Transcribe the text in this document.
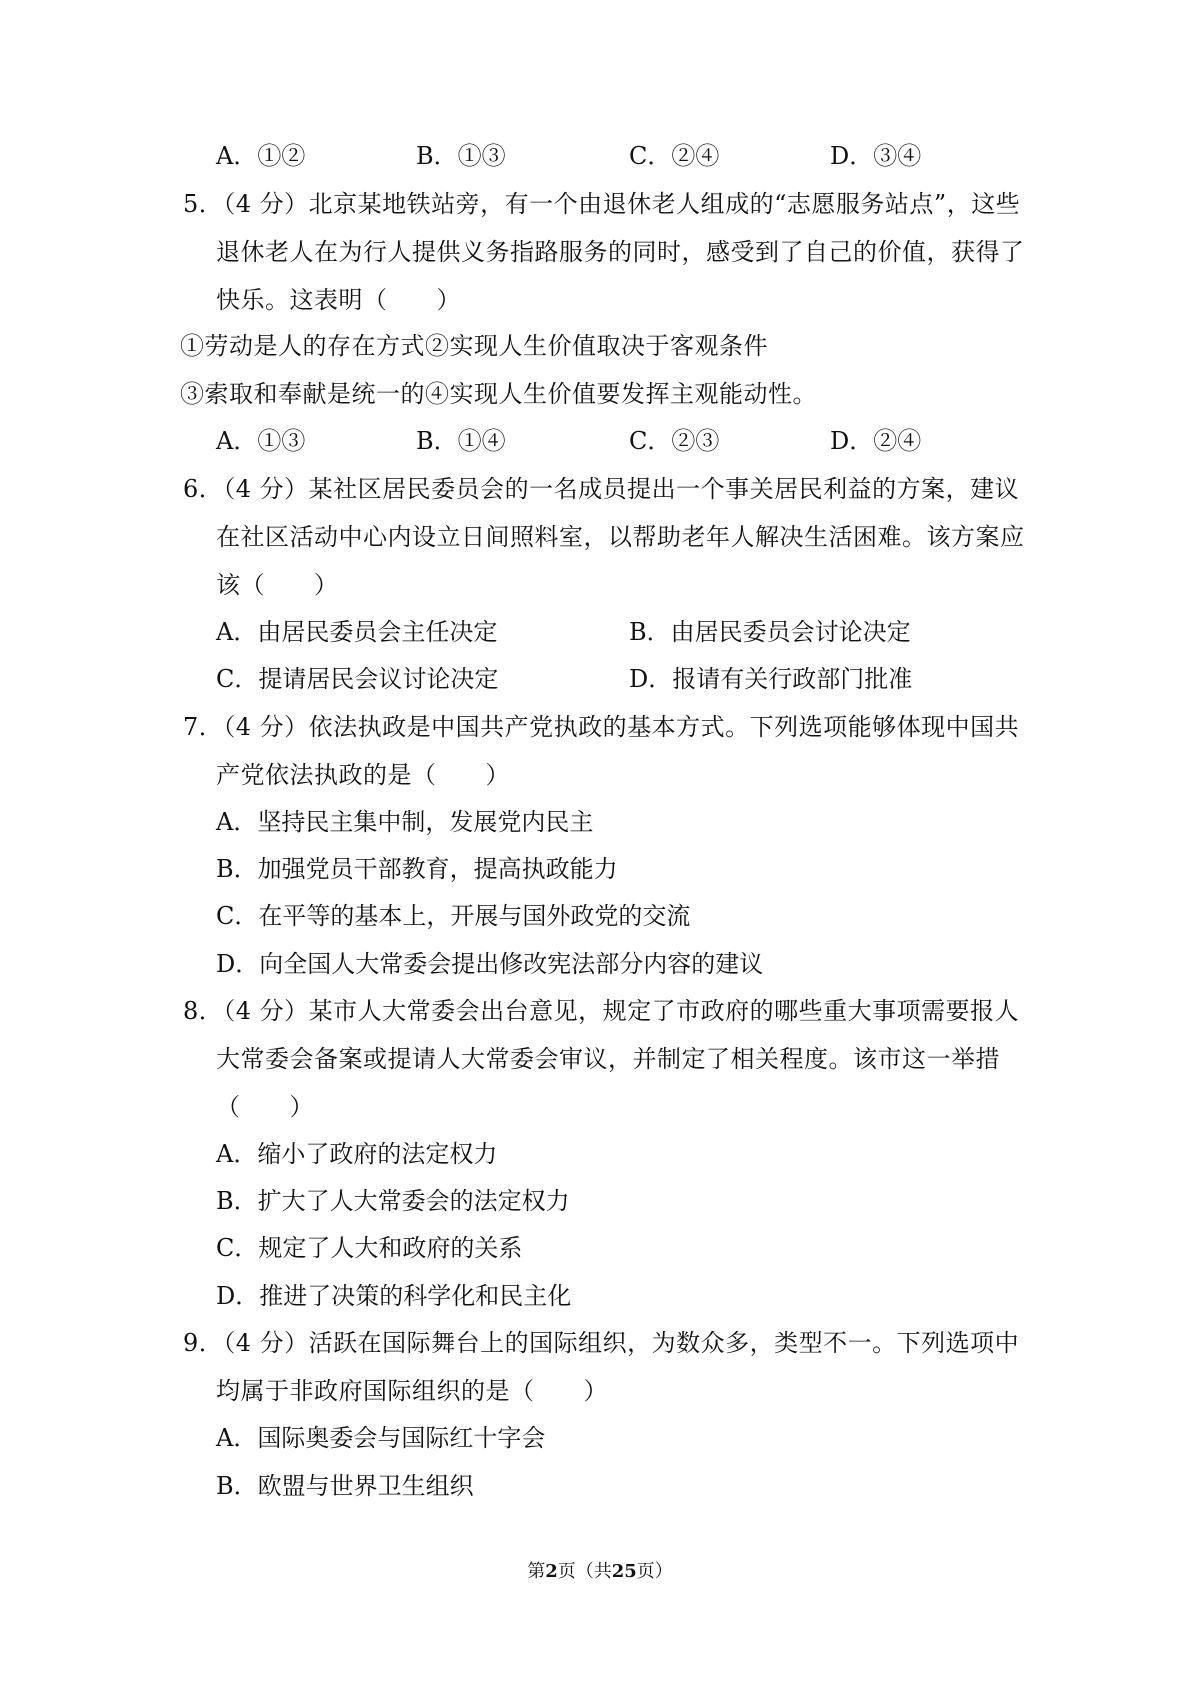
A．①②	B．①③	C．②④	D．③④
5．（4 分）北京某地铁站旁，有一个由退休老人组成的“志愿服务站点”，这些
退休老人在为行人提供义务指路服务的同时，感受到了自己的价值，获得了
快乐。这表明（　　）
①劳动是人的存在方式②实现人生价值取决于客观条件
③索取和奉献是统一的④实现人生价值要发挥主观能动性。
A．①③	B．①④	C．②③	D．②④
6．（4 分）某社区居民委员会的一名成员提出一个事关居民利益的方案，建议
在社区活动中心内设立日间照料室，以帮助老年人解决生活困难。该方案应
该（　　）
A．由居民委员会主任决定	B．由居民委员会讨论决定
C．提请居民会议讨论决定	D．报请有关行政部门批准
7．（4 分）依法执政是中国共产党执政的基本方式。下列选项能够体现中国共
产党依法执政的是（　　）
A．坚持民主集中制，发展党内民主
B．加强党员干部教育，提高执政能力
C．在平等的基本上，开展与国外政党的交流
D．向全国人大常委会提出修改宪法部分内容的建议
8．（4 分）某市人大常委会出台意见，规定了市政府的哪些重大事项需要报人
大常委会备案或提请人大常委会审议，并制定了相关程度。该市这一举措
（　　）
A．缩小了政府的法定权力
B．扩大了人大常委会的法定权力
C．规定了人大和政府的关系
D．推进了决策的科学化和民主化
9．（4 分）活跃在国际舞台上的国际组织，为数众多，类型不一。下列选项中
均属于非政府国际组织的是（　　）
A．国际奥委会与国际红十字会
B．欧盟与世界卫生组织
第2页（共25页）
